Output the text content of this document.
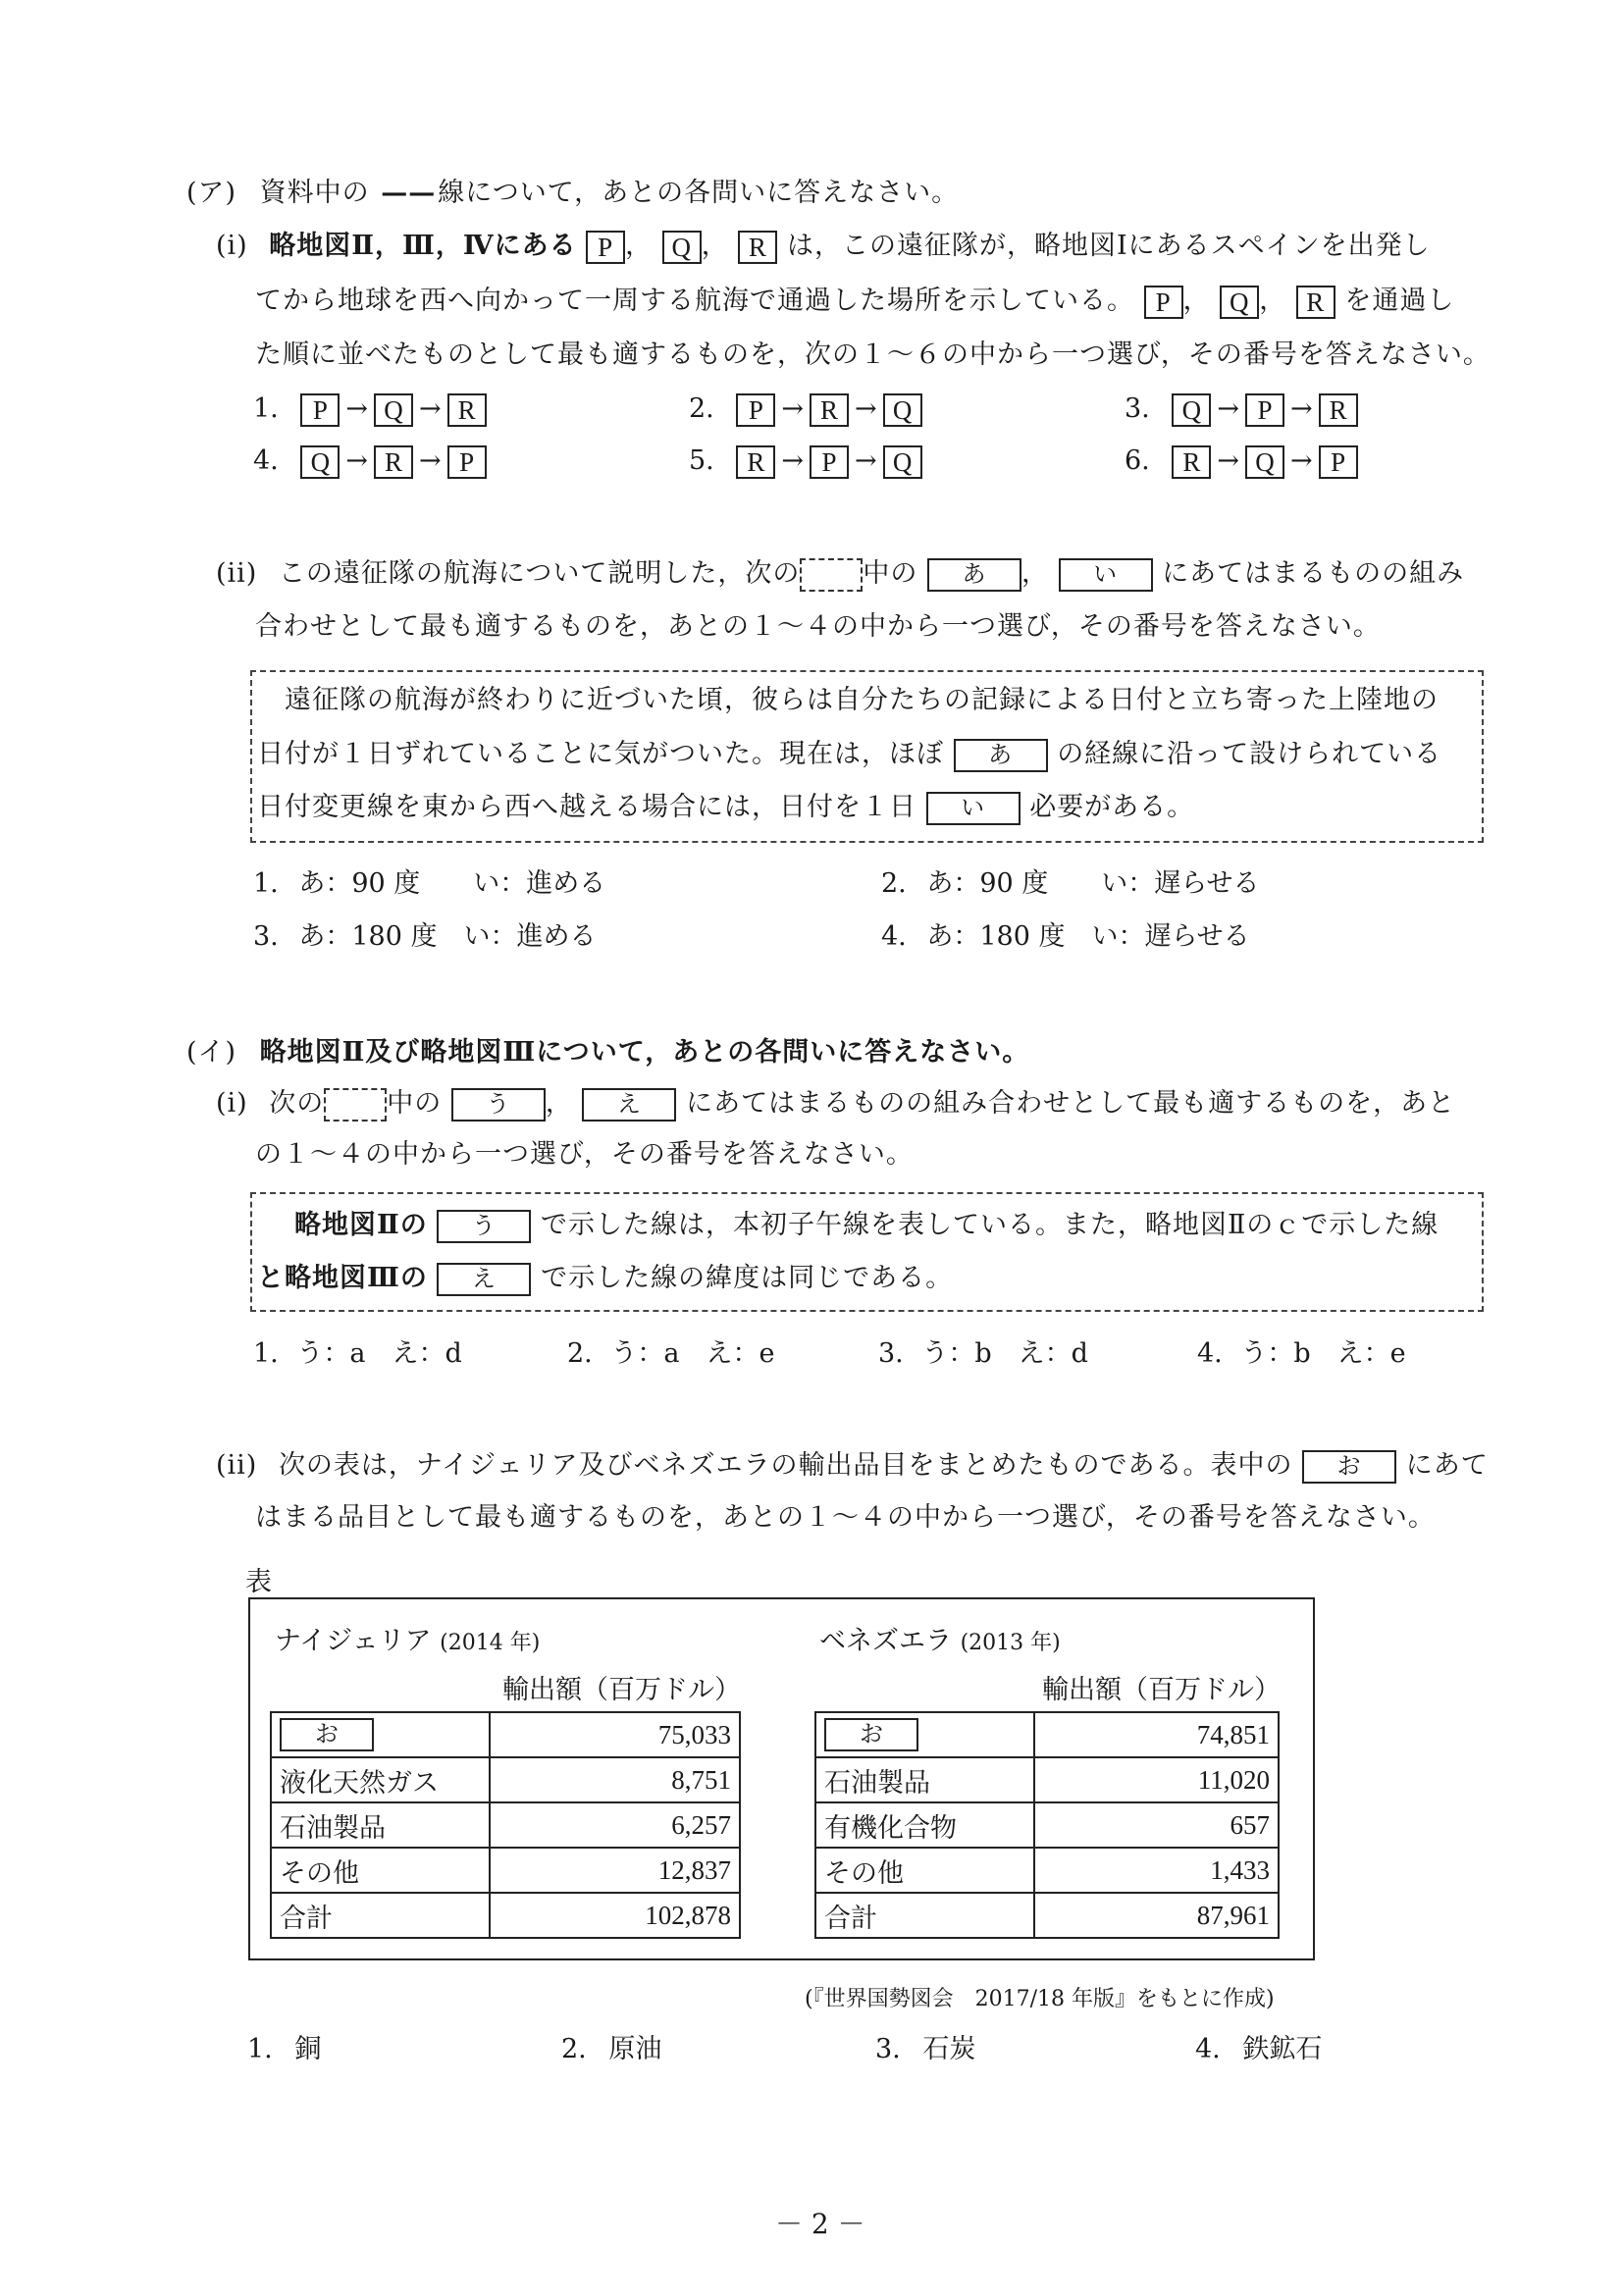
(ア) 資料中の ——線について，あとの各問いに答えなさい。
(i) 略地図Ⅱ，Ⅲ，Ⅳにある P ， Q ， R は，この遠征隊が，略地図Ⅰにあるスペインを出発し
てから地球を西へ向かって一周する航海で通過した場所を示している。 P ， Q ， R を通過し
た順に並べたものとして最も適するものを，次の１～６の中から一つ選び，その番号を答えなさい。
1. P → Q → R	2. P → R → Q	3. Q → P → R
4. Q → R → P	5. R → P → Q	6. R → Q → P
(ii) この遠征隊の航海について説明した，次の 中の あ ， い にあてはまるものの組み
合わせとして最も適するものを，あとの１～４の中から一つ選び，その番号を答えなさい。
遠征隊の航海が終わりに近づいた頃，彼らは自分たちの記録による日付と立ち寄った上陸地の
日付が１日ずれていることに気がついた。現在は，ほぼ あ の経線に沿って設けられている
日付変更線を東から西へ越える場合には，日付を１日 い 必要がある。
1. あ：90 度　　い：進める	2. あ：90 度　　い：遅らせる
3. あ：180 度　い：進める	4. あ：180 度　い：遅らせる
(イ) 略地図Ⅱ及び略地図Ⅲについて，あとの各問いに答えなさい。
(i) 次の 中の う ， え にあてはまるものの組み合わせとして最も適するものを，あと
の１～４の中から一つ選び，その番号を答えなさい。
略地図Ⅱの う で示した線は，本初子午線を表している。また，略地図Ⅱのｃで示した線
と略地図Ⅲの え で示した線の緯度は同じである。
1. う：a　え：d	2. う：a　え：e	3. う：b　え：d	4. う：b　え：e
(ii) 次の表は，ナイジェリア及びベネズエラの輸出品目をまとめたものである。表中の お にあて
はまる品目として最も適するものを，あとの１～４の中から一つ選び，その番号を答えなさい。
表
ナイジェリア (2014 年)
輸出額（百万ドル）
お	75,033
液化天然ガス	8,751
石油製品	6,257
その他	12,837
合計	102,878
ベネズエラ (2013 年)
輸出額（百万ドル）
お	74,851
石油製品	11,020
有機化合物	657
その他	1,433
合計	87,961
(『世界国勢図会　2017/18 年版』をもとに作成)
1. 銅	2. 原油	3. 石炭	4. 鉄鉱石
－ 2 －
